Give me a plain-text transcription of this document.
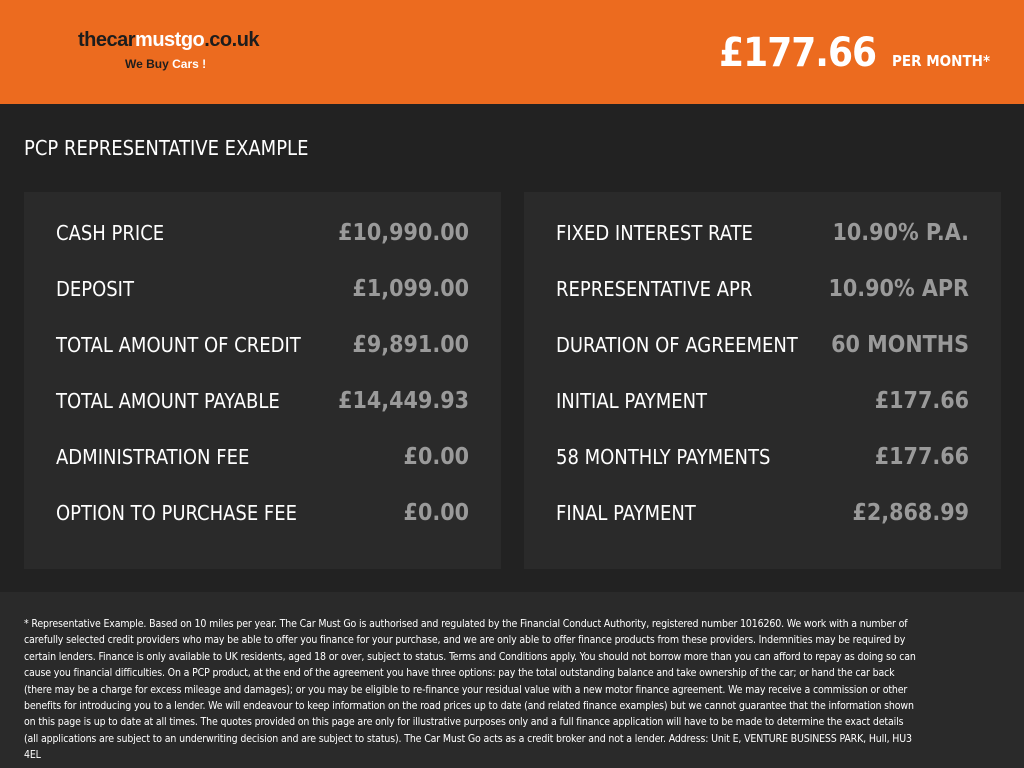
thecarmustgo.co.uk
We Buy Cars !	£177.66 PER MONTH*
PCP REPRESENTATIVE EXAMPLE
CASH PRICE	£10,990.00
DEPOSIT	£1,099.00
TOTAL AMOUNT OF CREDIT £9,891.00
TOTAL AMOUNT PAYABLE	£14,449.93
ADMINISTRATION FEE	£0.00
OPTION TO PURCHASE FEE	£0.00
FIXED INTEREST RATE	10.90% P.A.
REPRESENTATIVE APR	10.90% APR
DURATION OF AGREEMENT 60 MONTHS
INITIAL PAYMENT	£177.66
58 MONTHLY PAYMENTS	£177.66
FINAL PAYMENT	£2,868.99
* Representative Example. Based on 10 miles per year. The Car Must Go is authorised and regulated by the Financial Conduct Authority, registered number 1016260. We work with a number of carefully selected credit providers who may be able to offer you finance for your purchase, and we are only able to offer finance products from these providers. Indemnities may be required by certain lenders. Finance is only available to UK residents, aged 18 or over, subject to status. Terms and Conditions apply. You should not borrow more than you can afford to repay as doing so can cause you financial difficulties. On a PCP product, at the end of the agreement you have three options: pay the total outstanding balance and take ownership of the car; or hand the car back (there may be a charge for excess mileage and damages); or you may be eligible to re-finance your residual value with a new motor finance agreement. We may receive a commission or other benefits for introducing you to a lender. We will endeavour to keep information on the road prices up to date (and related finance examples) but we cannot guarantee that the information shown on this page is up to date at all times. The quotes provided on this page are only for illustrative purposes only and a full finance application will have to be made to determine the exact details (all applications are subject to an underwriting decision and are subject to status). The Car Must Go acts as a credit broker and not a lender. Address: Unit E, VENTURE BUSINESS PARK, Hull, HU3 4EL
